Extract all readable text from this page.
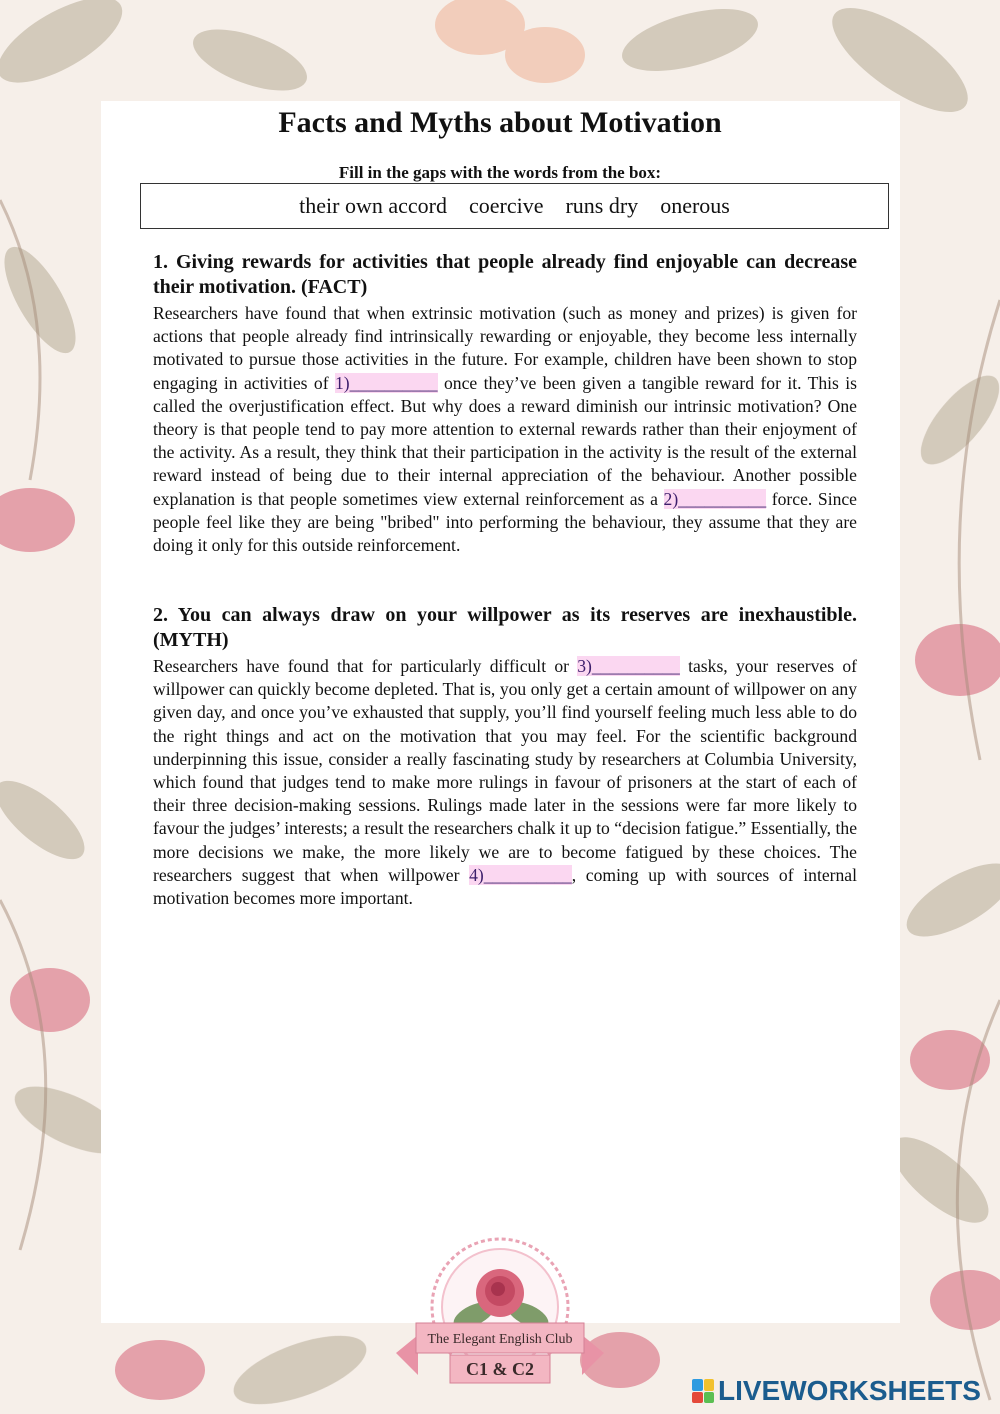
Facts and Myths about Motivation
Fill in the gaps with the words from the box:
their own accord coercive runs dry onerous

1. Giving rewards for activities that people already find enjoyable can decrease their motivation. (FACT)

Researchers have found that when extrinsic motivation (such as money and prizes) is given for actions that people already find intrinsically rewarding or enjoyable, they become less internally motivated to pursue those activities in the future. For example, children have been shown to stop engaging in activities of 1)__________ once they’ve been given a tangible reward for it. This is called the overjustification effect. But why does a reward diminish our intrinsic motivation? One theory is that people tend to pay more attention to external rewards rather than their enjoyment of the activity. As a result, they think that their participation in the activity is the result of the external reward instead of being due to their internal appreciation of the behaviour. Another possible explanation is that people sometimes view external reinforcement as a 2)__________ force. Since people feel like they are being "bribed" into performing the behaviour, they assume that they are doing it only for this outside reinforcement.

2. You can always draw on your willpower as its reserves are inexhaustible. (MYTH)

Researchers have found that for particularly difficult or 3)__________ tasks, your reserves of willpower can quickly become depleted. That is, you only get a certain amount of willpower on any given day, and once you’ve exhausted that supply, you’ll find yourself feeling much less able to do the right things and act on the motivation that you may feel. For the scientific background underpinning this issue, consider a really fascinating study by researchers at Columbia University, which found that judges tend to make more rulings in favour of prisoners at the start of each of their three decision-making sessions. Rulings made later in the sessions were far more likely to favour the judges’ interests; a result the researchers chalk it up to “decision fatigue.” Essentially, the more decisions we make, the more likely we are to become fatigued by these choices. The researchers suggest that when willpower 4)__________, coming up with sources of internal motivation becomes more important.

The Elegant English Club
C1 & C2
LIVEWORKSHEETS
